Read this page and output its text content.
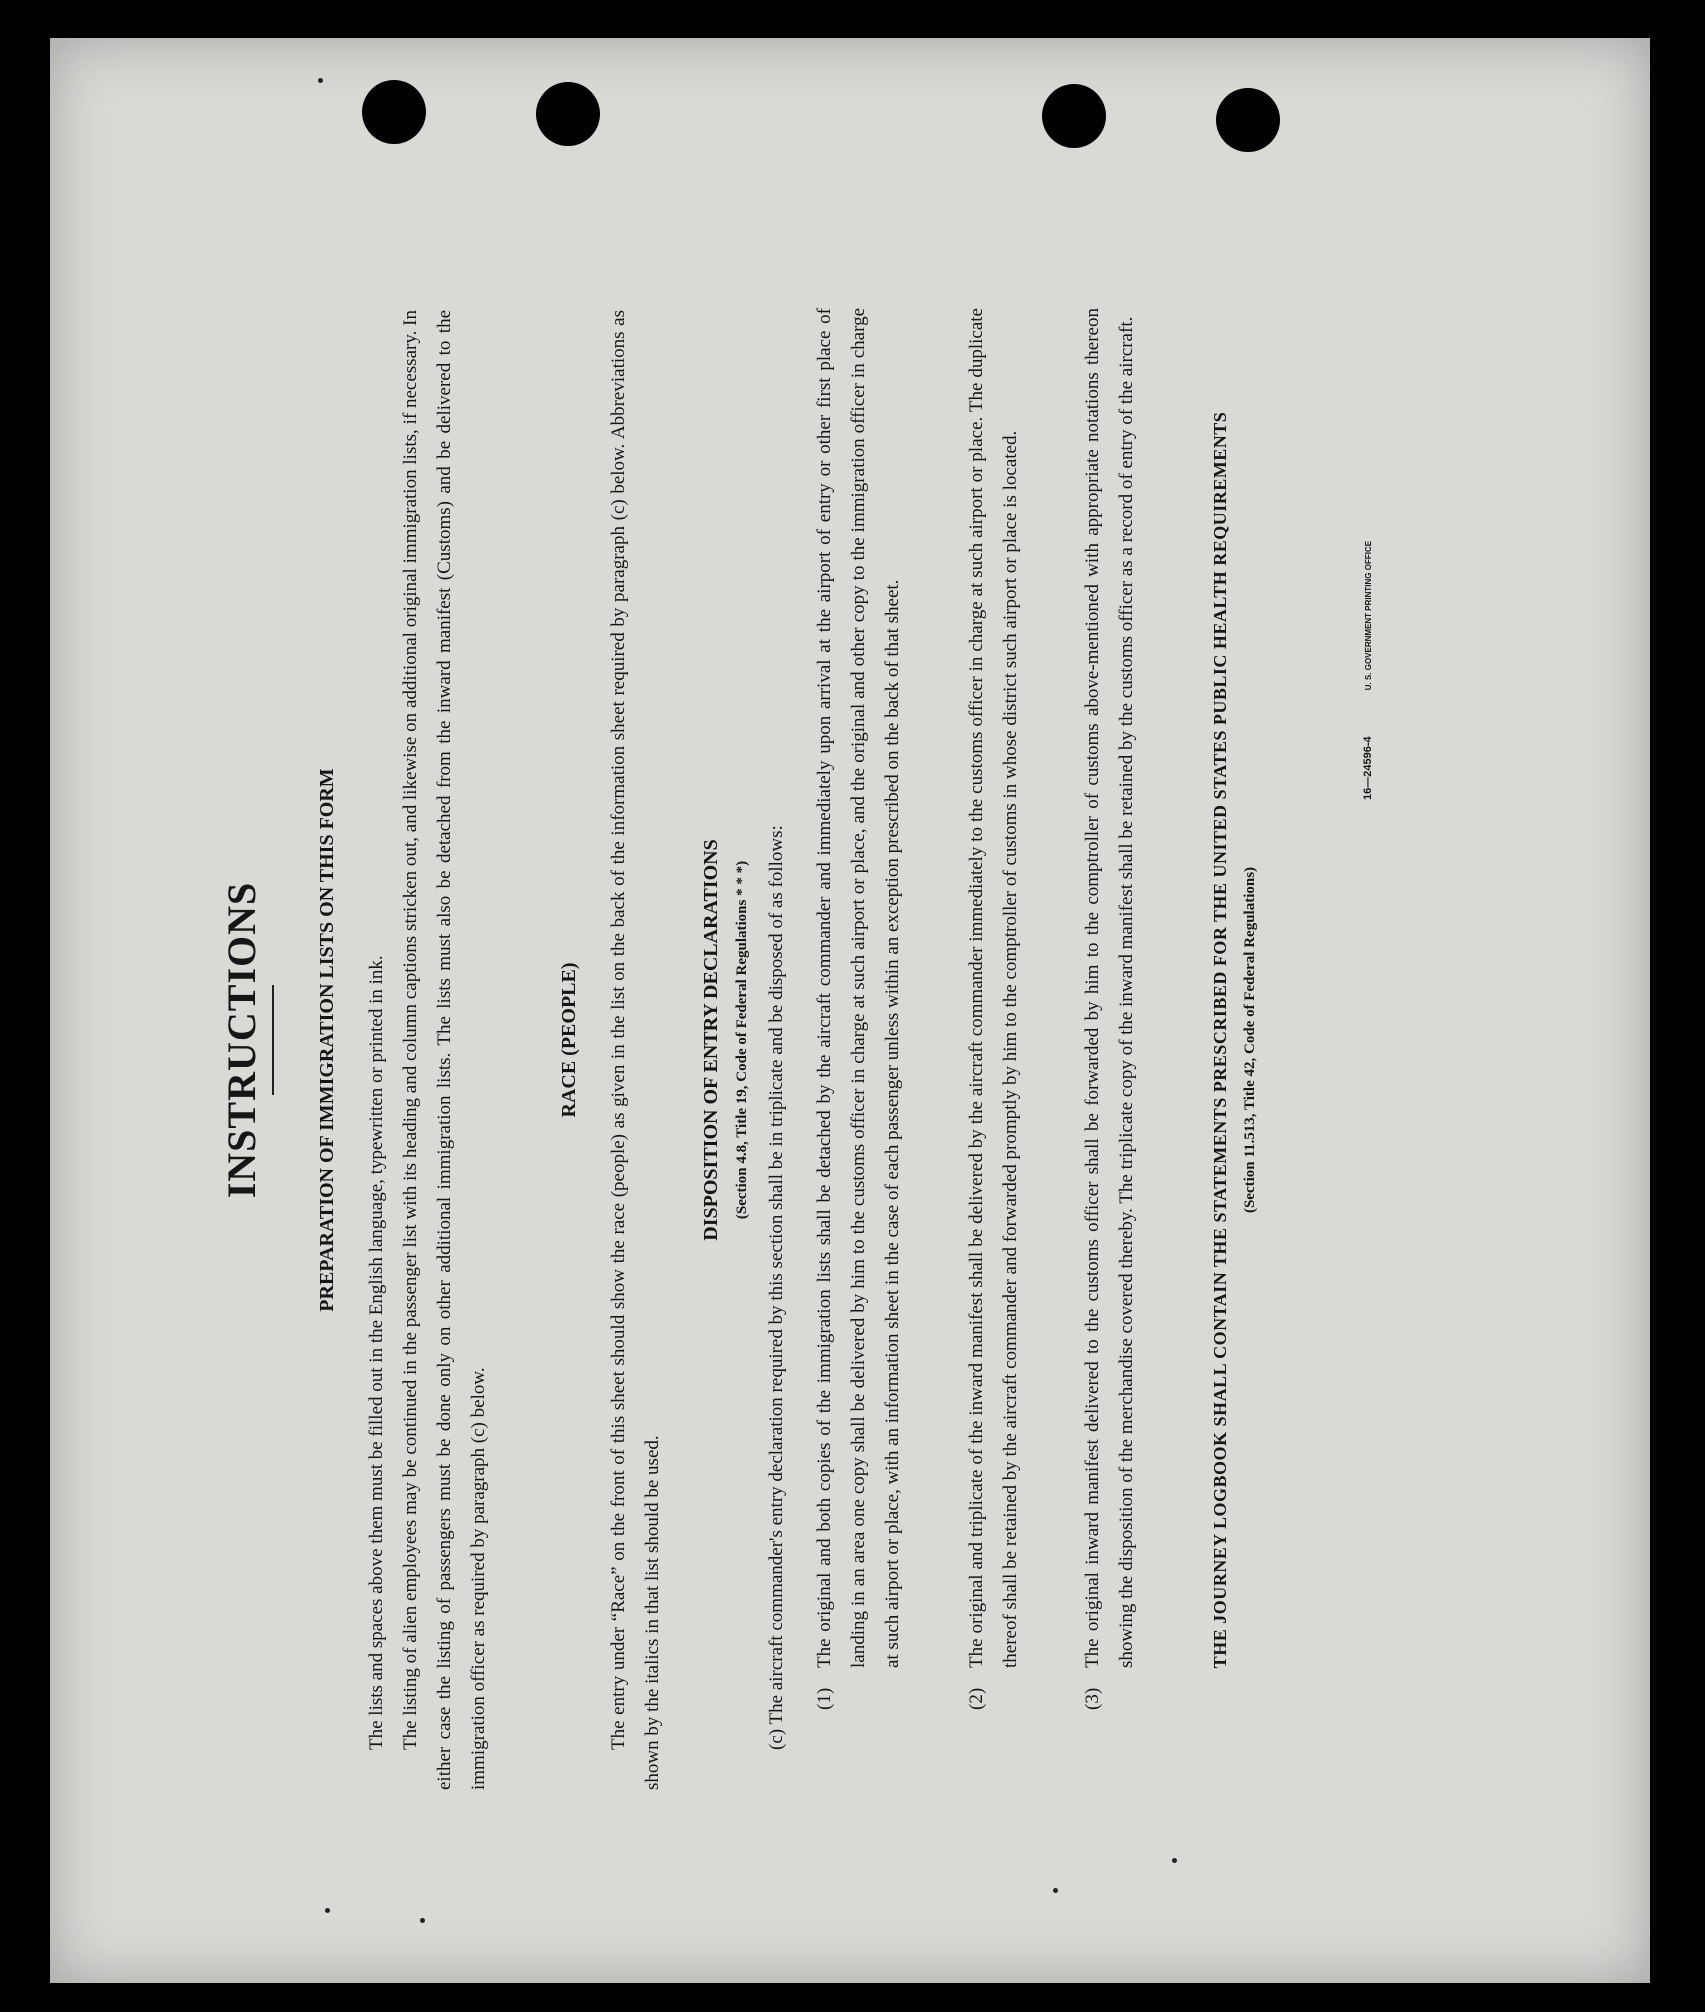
INSTRUCTIONS	PREPARATION OF IMMIGRATION LISTS ON THIS FORM	The lists and spaces above them must be filled out in the English language, typewritten or printed in ink. The listing of alien employees may be continued in the passenger list with its heading and column captions stricken out, and likewise on additional original immigration lists, if necessary. In either case the listing of passengers must be done only on other additional immigration lists. The lists must also be detached from the inward manifest (Customs) and be delivered to the immigration officer as required by paragraph (c) below.
RACE (PEOPLE)	The entry under “Race” on the front of this sheet should show the race (people) as given in the list on the back of the information sheet required by paragraph (c) below. Abbreviations as shown by the italics in that list should be used.
DISPOSITION OF ENTRY DECLARATIONS (Section 4.8, Title 19, Code of Federal Regulations * * *) (c) The aircraft commander's entry declaration required by this section shall be in triplicate and be disposed of as follows:	(1)
The original and both copies of the immigration lists shall be detached by the aircraft commander and immediately upon arrival at the airport of entry or other first place of landing in an area one copy shall be delivered by him to the customs officer in charge at such airport or place, and the original and other copy to the immigration officer in charge at such airport or place, with an information sheet in the case of each passenger unless within an exception prescribed on the back of that sheet.
(2)
The original and triplicate of the inward manifest shall be delivered by the aircraft commander immediately to the customs officer in charge at such airport or place. The duplicate thereof shall be retained by the aircraft commander and forwarded promptly by him to the comptroller of customs in whose district such airport or place is located.
(3)
The original inward manifest delivered to the customs officer shall be forwarded by him to the comptroller of customs above-mentioned with appropriate notations thereon showing the disposition of the merchandise covered thereby. The triplicate copy of the inward manifest shall be retained by the customs officer as a record of entry of the aircraft.	THE JOURNEY LOGBOOK SHALL CONTAIN THE STATEMENTS PRESCRIBED FOR THE UNITED STATES PUBLIC HEALTH REQUIREMENTS (Section 11.513, Title 42, Code of Federal Regulations)
16—24596-4  U. S. GOVERNMENT PRINTING OFFICE
